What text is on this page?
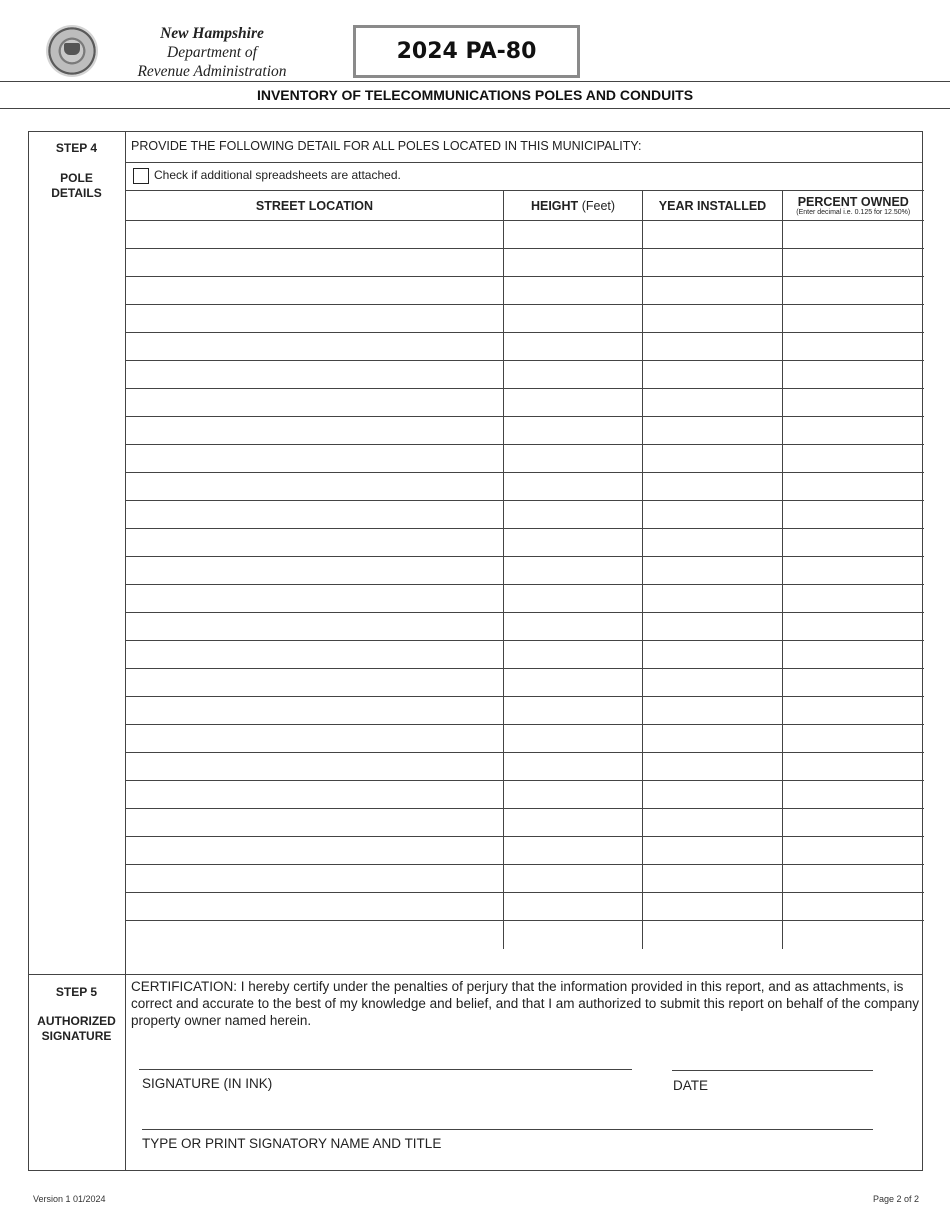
New Hampshire
Department of
Revenue Administration
2024 PA-80
INVENTORY OF TELECOMMUNICATIONS POLES AND CONDUITS
STEP 4
POLE
DETAILS
PROVIDE THE FOLLOWING DETAIL FOR ALL POLES LOCATED IN THIS MUNICIPALITY:
Check if additional spreadsheets are attached.
STREET LOCATION	HEIGHT (Feet)	YEAR INSTALLED	PERCENT OWNED
(Enter decimal i.e. 0.125 for 12.50%)

STEP 5
AUTHORIZED
SIGNATURE
CERTIFICATION: I hereby certify under the penalties of perjury that the information provided in this report, and as attachments, is correct and accurate to the best of my knowledge and belief, and that I am authorized to submit this report on behalf of the company property owner named herein.
SIGNATURE (IN INK)	DATE
TYPE OR PRINT SIGNATORY NAME AND TITLE
Version 1 01/2024	Page 2 of 2
